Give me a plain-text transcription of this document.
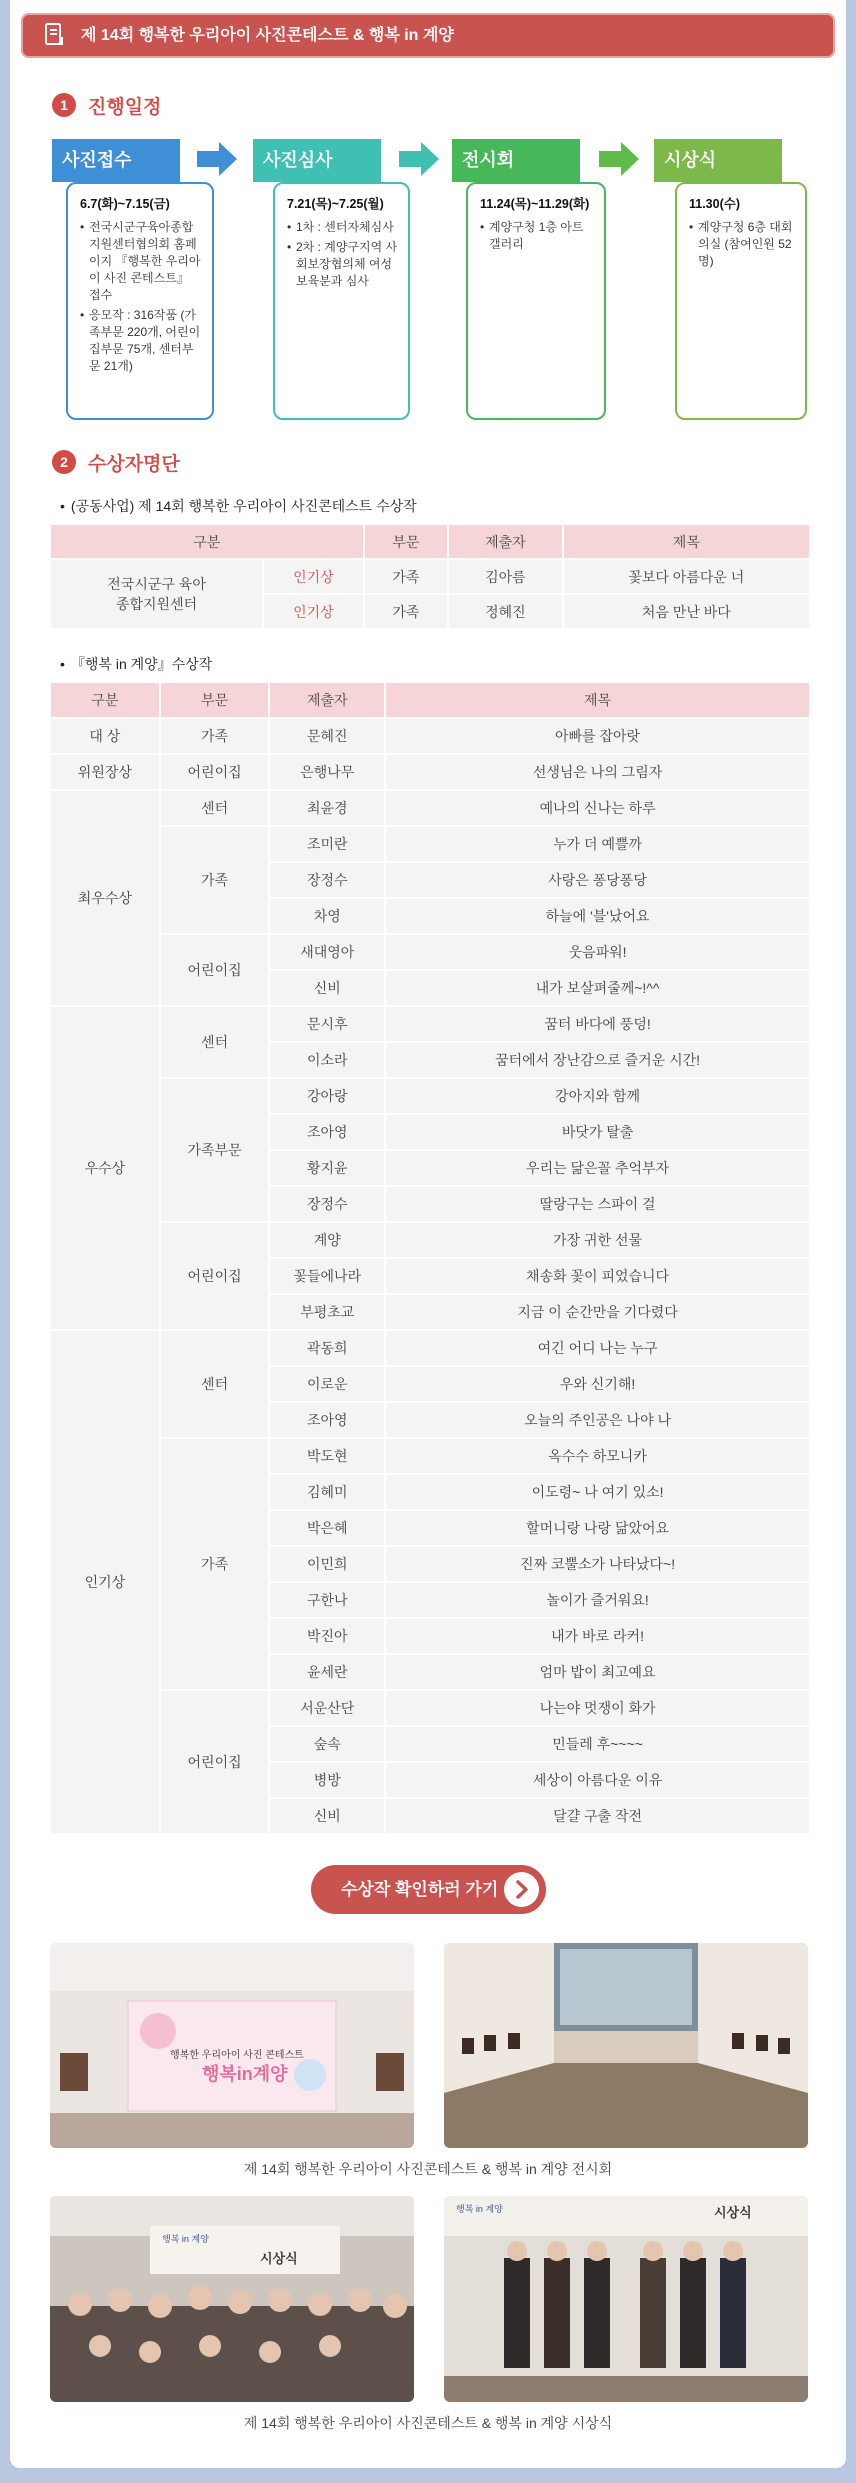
제 14회 행복한 우리아이 사진콘테스트 & 행복 in 계양
1	진행일정
사진접수	사진심사	전시회	시상식
6.7(화)~7.15(금)
• 전국시군구육아종합지원센터협의회 홈페이지 『행복한 우리아이 사진 콘테스트』 접수
• 응모작 : 316작품 (가족부문 220개, 어린이집부문 75개, 센터부문 21개)
7.21(목)~7.25(월)
• 1차 : 센터자체심사
• 2차 : 계양구지역 사회보장협의체 여성보육분과 심사
11.24(목)~11.29(화)
• 계양구청 1층 아트갤러리
11.30(수)
• 계양구청 6층 대회의실 (참여인원 52명)
2	수상자명단
• (공동사업) 제 14회 행복한 우리아이 사진콘테스트 수상작
구분		부문	제출자	제목
전국시군구 육아종합지원센터	인기상	가족	김아름	꽃보다 아름다운 너
	인기상	가족	정혜진	처음 만난 바다
• 『행복 in 계양』수상작
구분	부문	제출자	제목
대 상	가족	문혜진	아빠를 잡아랏
위원장상	어린이집	은행나무	선생님은 나의 그림자
최우수상	센터	최윤경	예나의 신나는 하루
	가족	조미란	누가 더 예쁠까
		장정수	사랑은 퐁당퐁당
		차영	하늘에 '블'났어요
	어린이집	새대영아	웃음파워!
		신비	내가 보살펴줄께~!^^
우수상	센터	문시후	꿈터 바다에 풍덩!
		이소라	꿈터에서 장난감으로 즐거운 시간!
	가족부문	강아랑	강아지와 함께
		조아영	바닷가 탈출
		황지윤	우리는 닮은꼴 추억부자
		장정수	딸랑구는 스파이 걸
	어린이집	계양	가장 귀한 선물
		꽃들에나라	채송화 꽃이 피었습니다
		부평초교	지금 이 순간만을 기다렸다
인기상	센터	곽동희	여긴 어디 나는 누구
		이로운	우와 신기해!
		조아영	오늘의 주인공은 나야 나
	가족	박도현	옥수수 하모니카
		김혜미	이도령~ 나 여기 있소!
		박은혜	할머니랑 나랑 닮았어요
		이민희	진짜 코뿔소가 나타났다~!
		구한나	놀이가 즐거워요!
		박진아	내가 바로 라커!
		윤세란	엄마 밥이 최고예요
	어린이집	서운산단	나는야 멋쟁이 화가
		숲속	민들레 후~~~~
		병방	세상이 아름다운 이유
		신비	달걀 구출 작전
수상작 확인하러 가기
행복한 우리아이 사진 콘테스트
행복in계양
제 14회 행복한 우리아이 사진콘테스트 & 행복 in 계양 전시회
행복 in 계양
시상식
행복 in 계양	시상식
제 14회 행복한 우리아이 사진콘테스트 & 행복 in 계양 시상식
